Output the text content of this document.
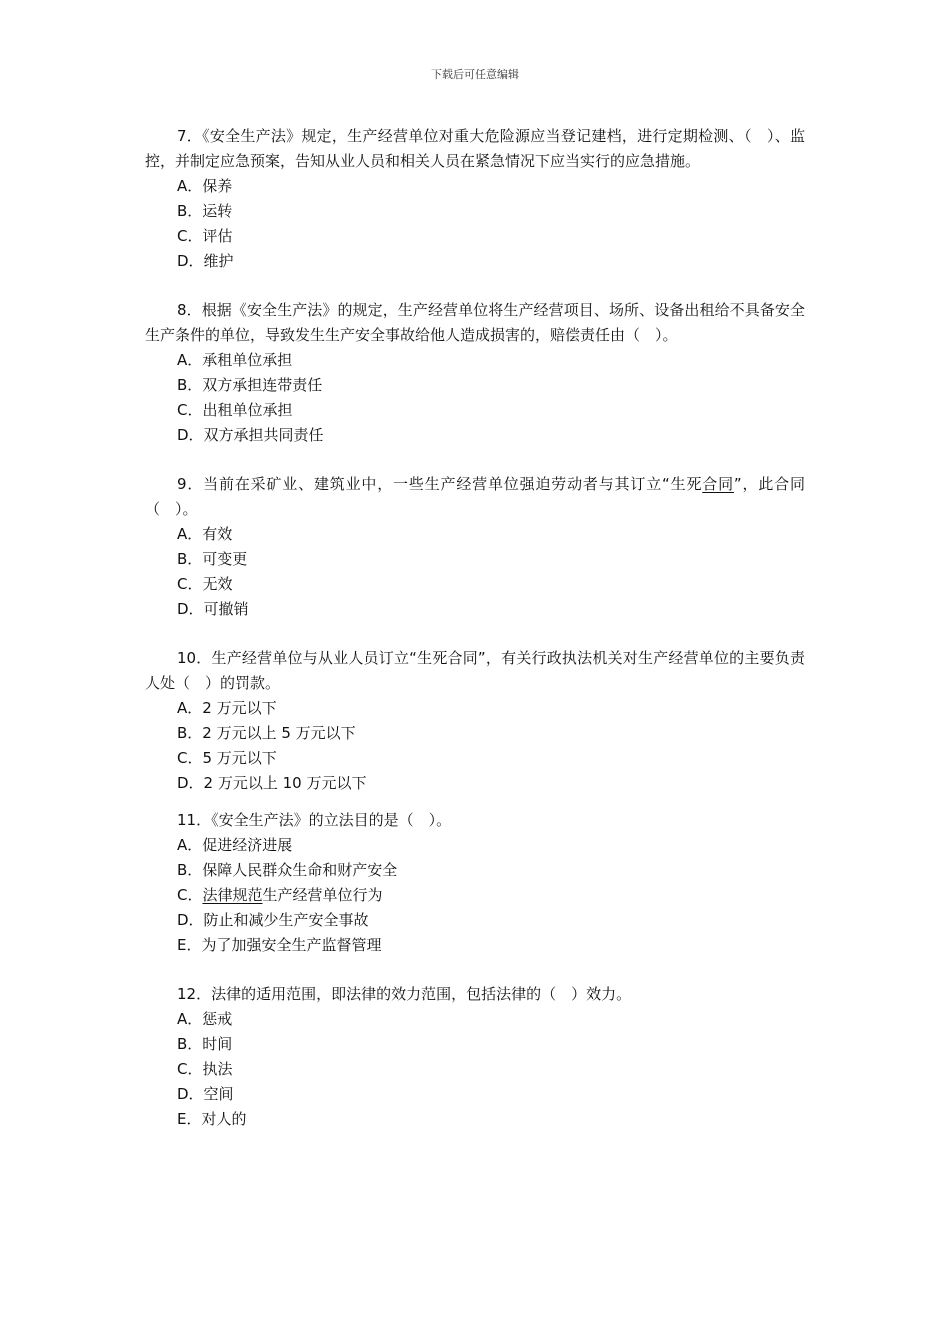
下载后可任意编辑

7．《安全生产法》规定，生产经营单位对重大危险源应当登记建档，进行定期检测、（　）、监控，并制定应急预案，告知从业人员和相关人员在紧急情况下应当实行的应急措施。

A．保养

B．运转

C．评估

D．维护

8．根据《安全生产法》的规定，生产经营单位将生产经营项目、场所、设备出租给不具备安全生产条件的单位，导致发生生产安全事故给他人造成损害的，赔偿责任由（　）。

A．承租单位承担

B．双方承担连带责任

C．出租单位承担

D．双方承担共同责任

9．当前在采矿业、建筑业中，一些生产经营单位强迫劳动者与其订立“生死合同”，此合同（　）。

A．有效

B．可变更

C．无效

D．可撤销

10．生产经营单位与从业人员订立“生死合同”，有关行政执法机关对生产经营单位的主要负责人处（　）的罚款。

A．2 万元以下

B．2 万元以上 5 万元以下

C．5 万元以下

D．2 万元以上 10 万元以下

11．《安全生产法》的立法目的是（　）。

A．促进经济进展

B．保障人民群众生命和财产安全

C．法律规范生产经营单位行为

D．防止和减少生产安全事故

E．为了加强安全生产监督管理

12．法律的适用范围，即法律的效力范围，包括法律的（　）效力。

A．惩戒

B．时间

C．执法

D．空间

E．对人的
